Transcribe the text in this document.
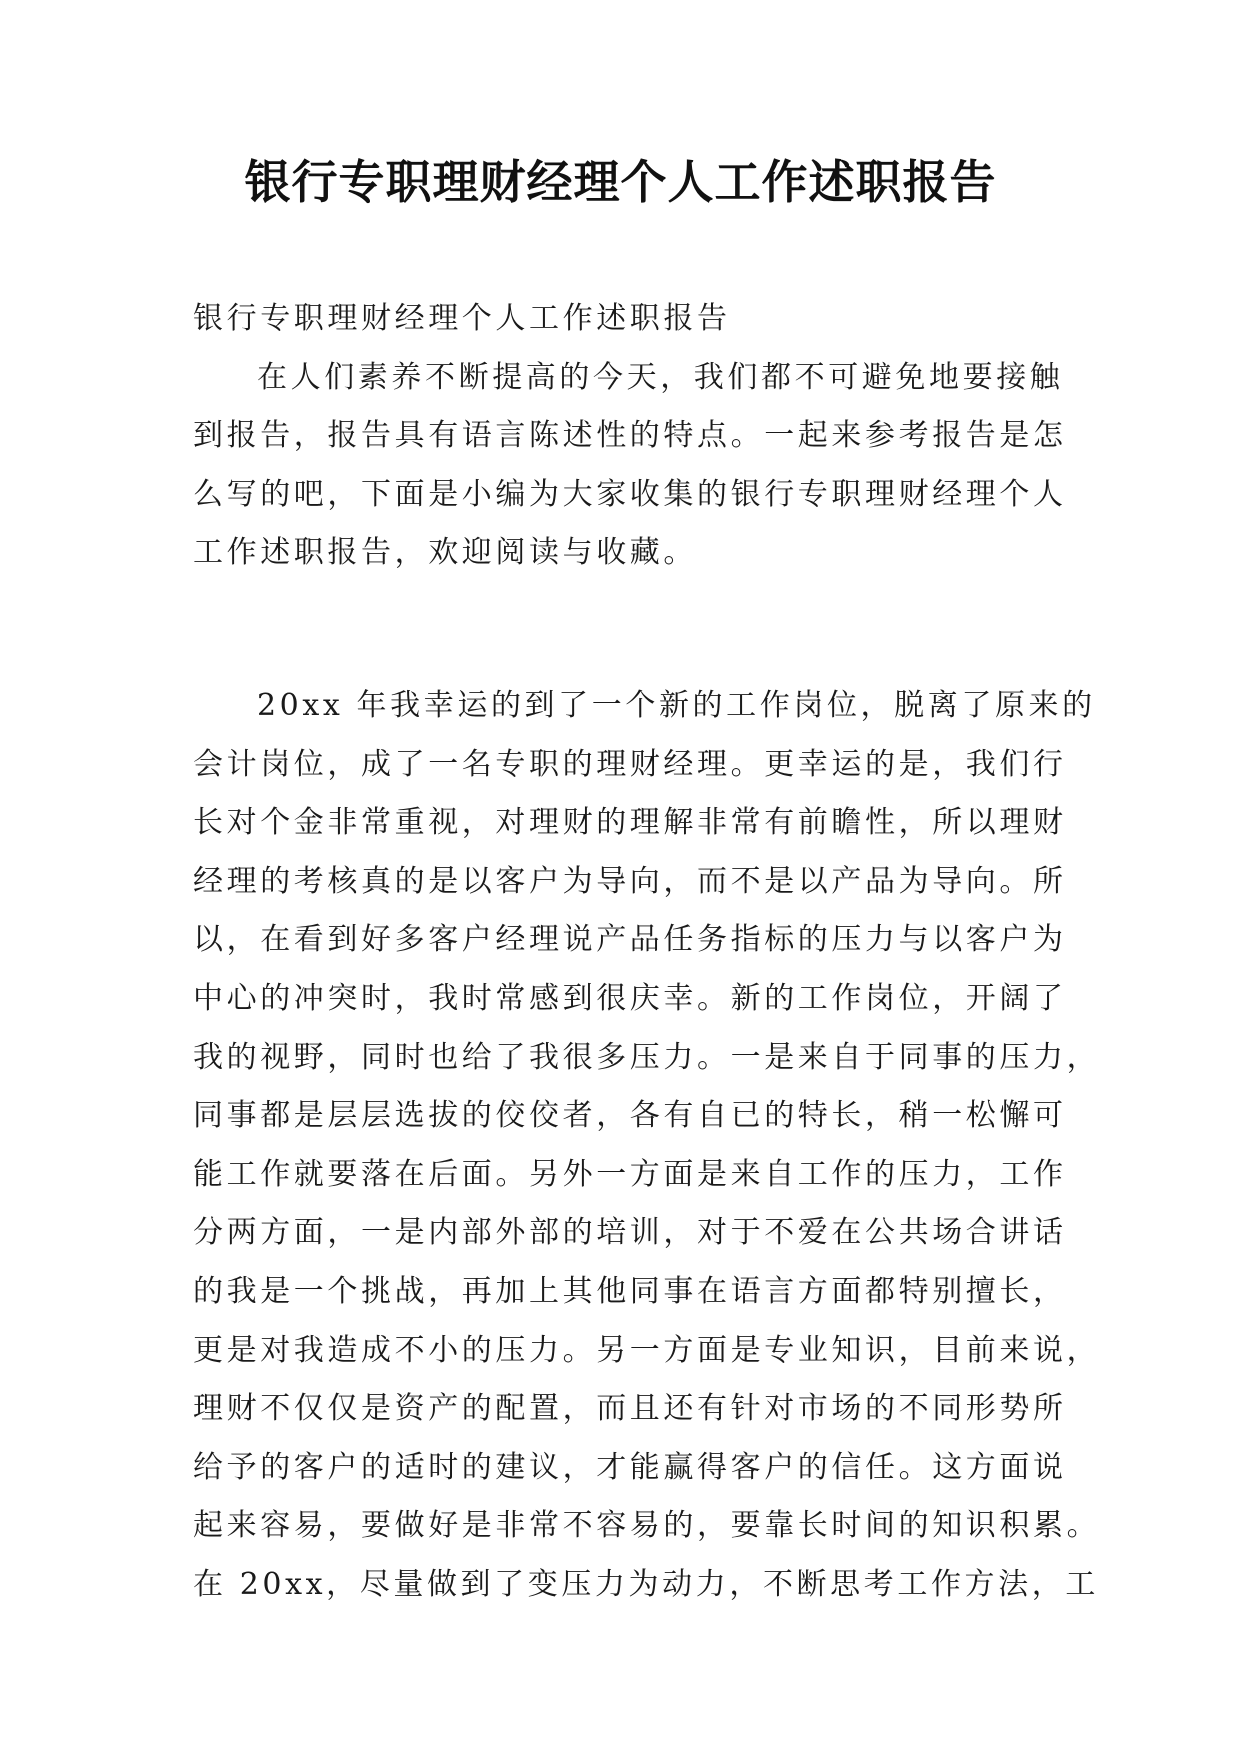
银行专职理财经理个人工作述职报告
银行专职理财经理个人工作述职报告
在人们素养不断提高的今天，我们都不可避免地要接触
到报告，报告具有语言陈述性的特点。一起来参考报告是怎
么写的吧，下面是小编为大家收集的银行专职理财经理个人
工作述职报告，欢迎阅读与收藏。
20xx 年我幸运的到了一个新的工作岗位，脱离了原来的
会计岗位，成了一名专职的理财经理。更幸运的是，我们行
长对个金非常重视，对理财的理解非常有前瞻性，所以理财
经理的考核真的是以客户为导向，而不是以产品为导向。所
以，在看到好多客户经理说产品任务指标的压力与以客户为
中心的冲突时，我时常感到很庆幸。新的工作岗位，开阔了
我的视野，同时也给了我很多压力。一是来自于同事的压力，
同事都是层层选拔的佼佼者，各有自已的特长，稍一松懈可
能工作就要落在后面。另外一方面是来自工作的压力，工作
分两方面，一是内部外部的培训，对于不爱在公共场合讲话
的我是一个挑战，再加上其他同事在语言方面都特别擅长，
更是对我造成不小的压力。另一方面是专业知识，目前来说，
理财不仅仅是资产的配置，而且还有针对市场的不同形势所
给予的客户的适时的建议，才能赢得客户的信任。这方面说
起来容易，要做好是非常不容易的，要靠长时间的知识积累。
在 20xx，尽量做到了变压力为动力，不断思考工作方法，工
